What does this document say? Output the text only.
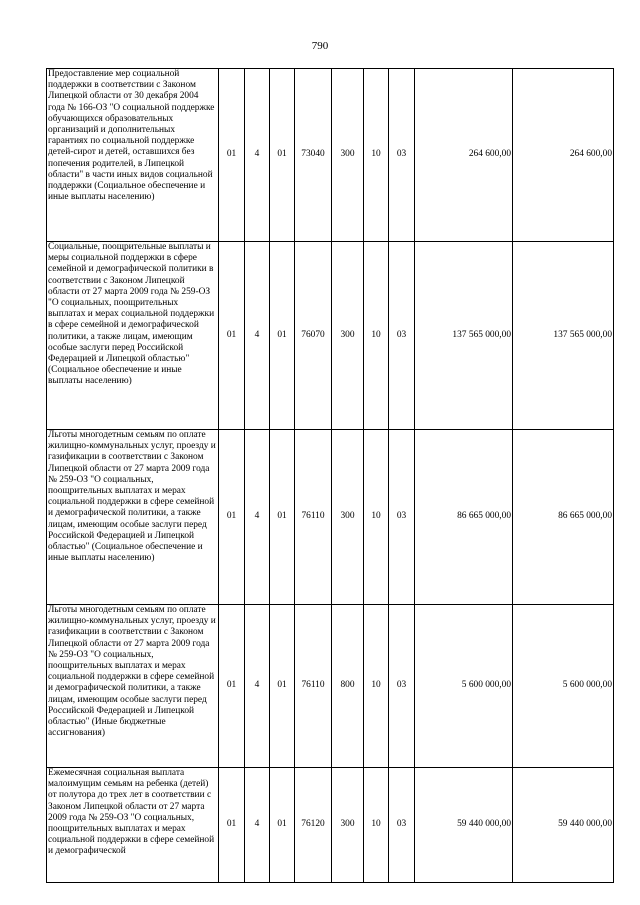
790
Предоставление мер социальной поддержки в соответствии с Законом Липецкой области от 30 декабря 2004 года № 166-ОЗ "О социальной поддержке обучающихся образовательных организаций и дополнительных гарантиях по социальной поддержке детей-сирот и детей, оставшихся без попечения родителей, в Липецкой области" в части иных видов социальной поддержки (Социальное обеспечение и иные выплаты населению)	01	4	01	73040	300	10	03	264 600,00	264 600,00

Социальные, поощрительные выплаты и меры социальной поддержки в сфере семейной и демографической политики в соответствии с Законом Липецкой области от 27 марта 2009 года № 259-ОЗ "О социальных, поощрительных выплатах и мерах социальной поддержки в сфере семейной и демографической политики, а также лицам, имеющим особые заслуги перед Российской Федерацией и Липецкой областью" (Социальное обеспечение и иные выплаты населению)	01	4	01	76070	300	10	03	137 565 000,00	137 565 000,00

Льготы многодетным семьям по оплате жилищно-коммунальных услуг, проезду и газификации в соответствии с Законом Липецкой области от 27 марта 2009 года № 259-ОЗ "О социальных, поощрительных выплатах и мерах социальной поддержки в сфере семейной и демографической политики, а также лицам, имеющим особые заслуги перед Российской Федерацией и Липецкой областью" (Социальное обеспечение и иные выплаты населению)	01	4	01	76110	300	10	03	86 665 000,00	86 665 000,00

Льготы многодетным семьям по оплате жилищно-коммунальных услуг, проезду и газификации в соответствии с Законом Липецкой области от 27 марта 2009 года № 259-ОЗ "О социальных, поощрительных выплатах и мерах социальной поддержки в сфере семейной и демографической политики, а также лицам, имеющим особые заслуги перед Российской Федерацией и Липецкой областью" (Иные бюджетные ассигнования)	01	4	01	76110	800	10	03	5 600 000,00	5 600 000,00

Ежемесячная социальная выплата малоимущим семьям на ребенка (детей) от полутора до трех лет в соответствии с Законом Липецкой области от 27 марта 2009 года № 259-ОЗ "О социальных, поощрительных выплатах и мерах социальной поддержки в сфере семейной и демографической	01	4	01	76120	300	10	03	59 440 000,00	59 440 000,00
